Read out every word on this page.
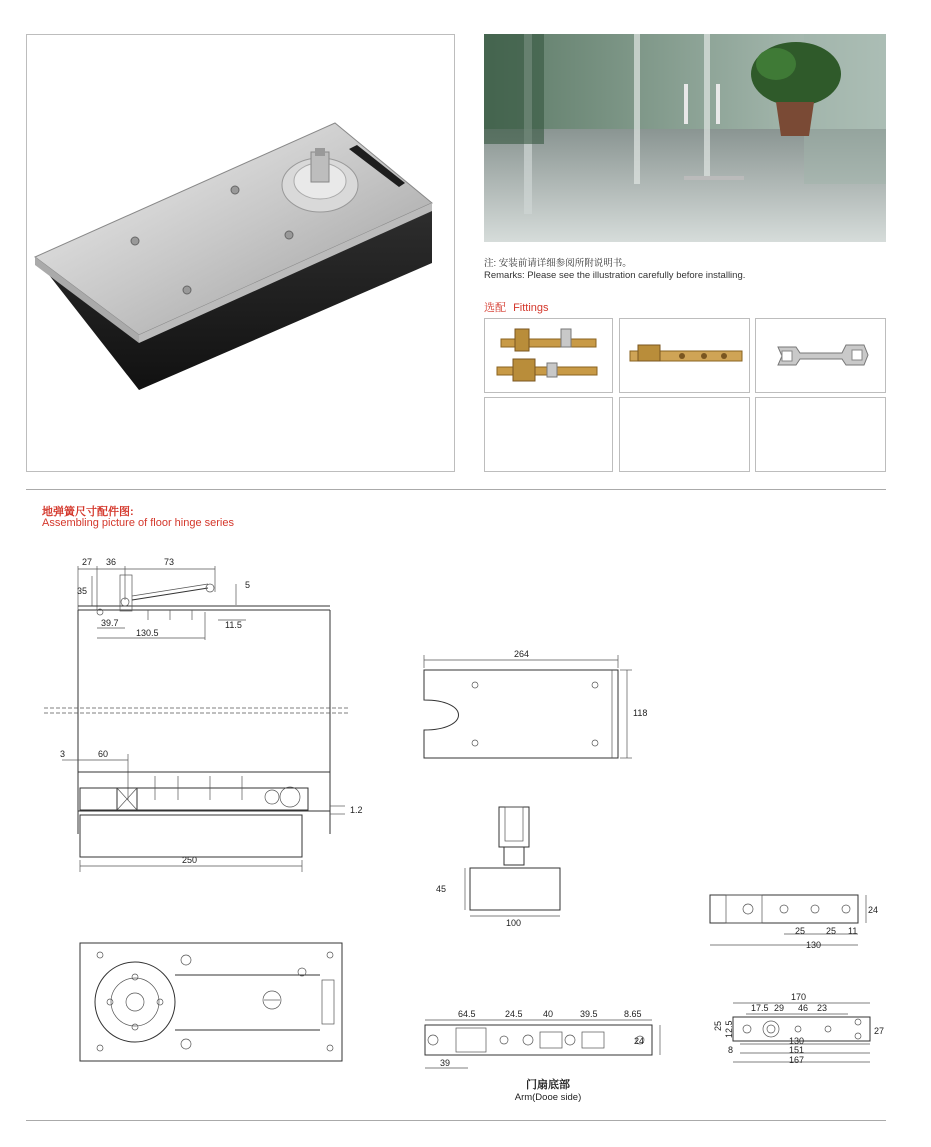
注: 安装前请详细参阅所附说明书。
Remarks: Please see the illustration carefully before installing.
选配 Fittings
地弹簧尺寸配件图:
Assembling picture of floor hinge series
27 36	73
35
5
39.7
130.5
11.5
3	60
1.2
250
264
118
45
100
24
25 25 11
130
64.5	24.5 40	39.5	8.65
24
39
170
17.5 29 46 23
25 12.5	27
130
151
167
8
门扇底部
Arm(Dooe side)
